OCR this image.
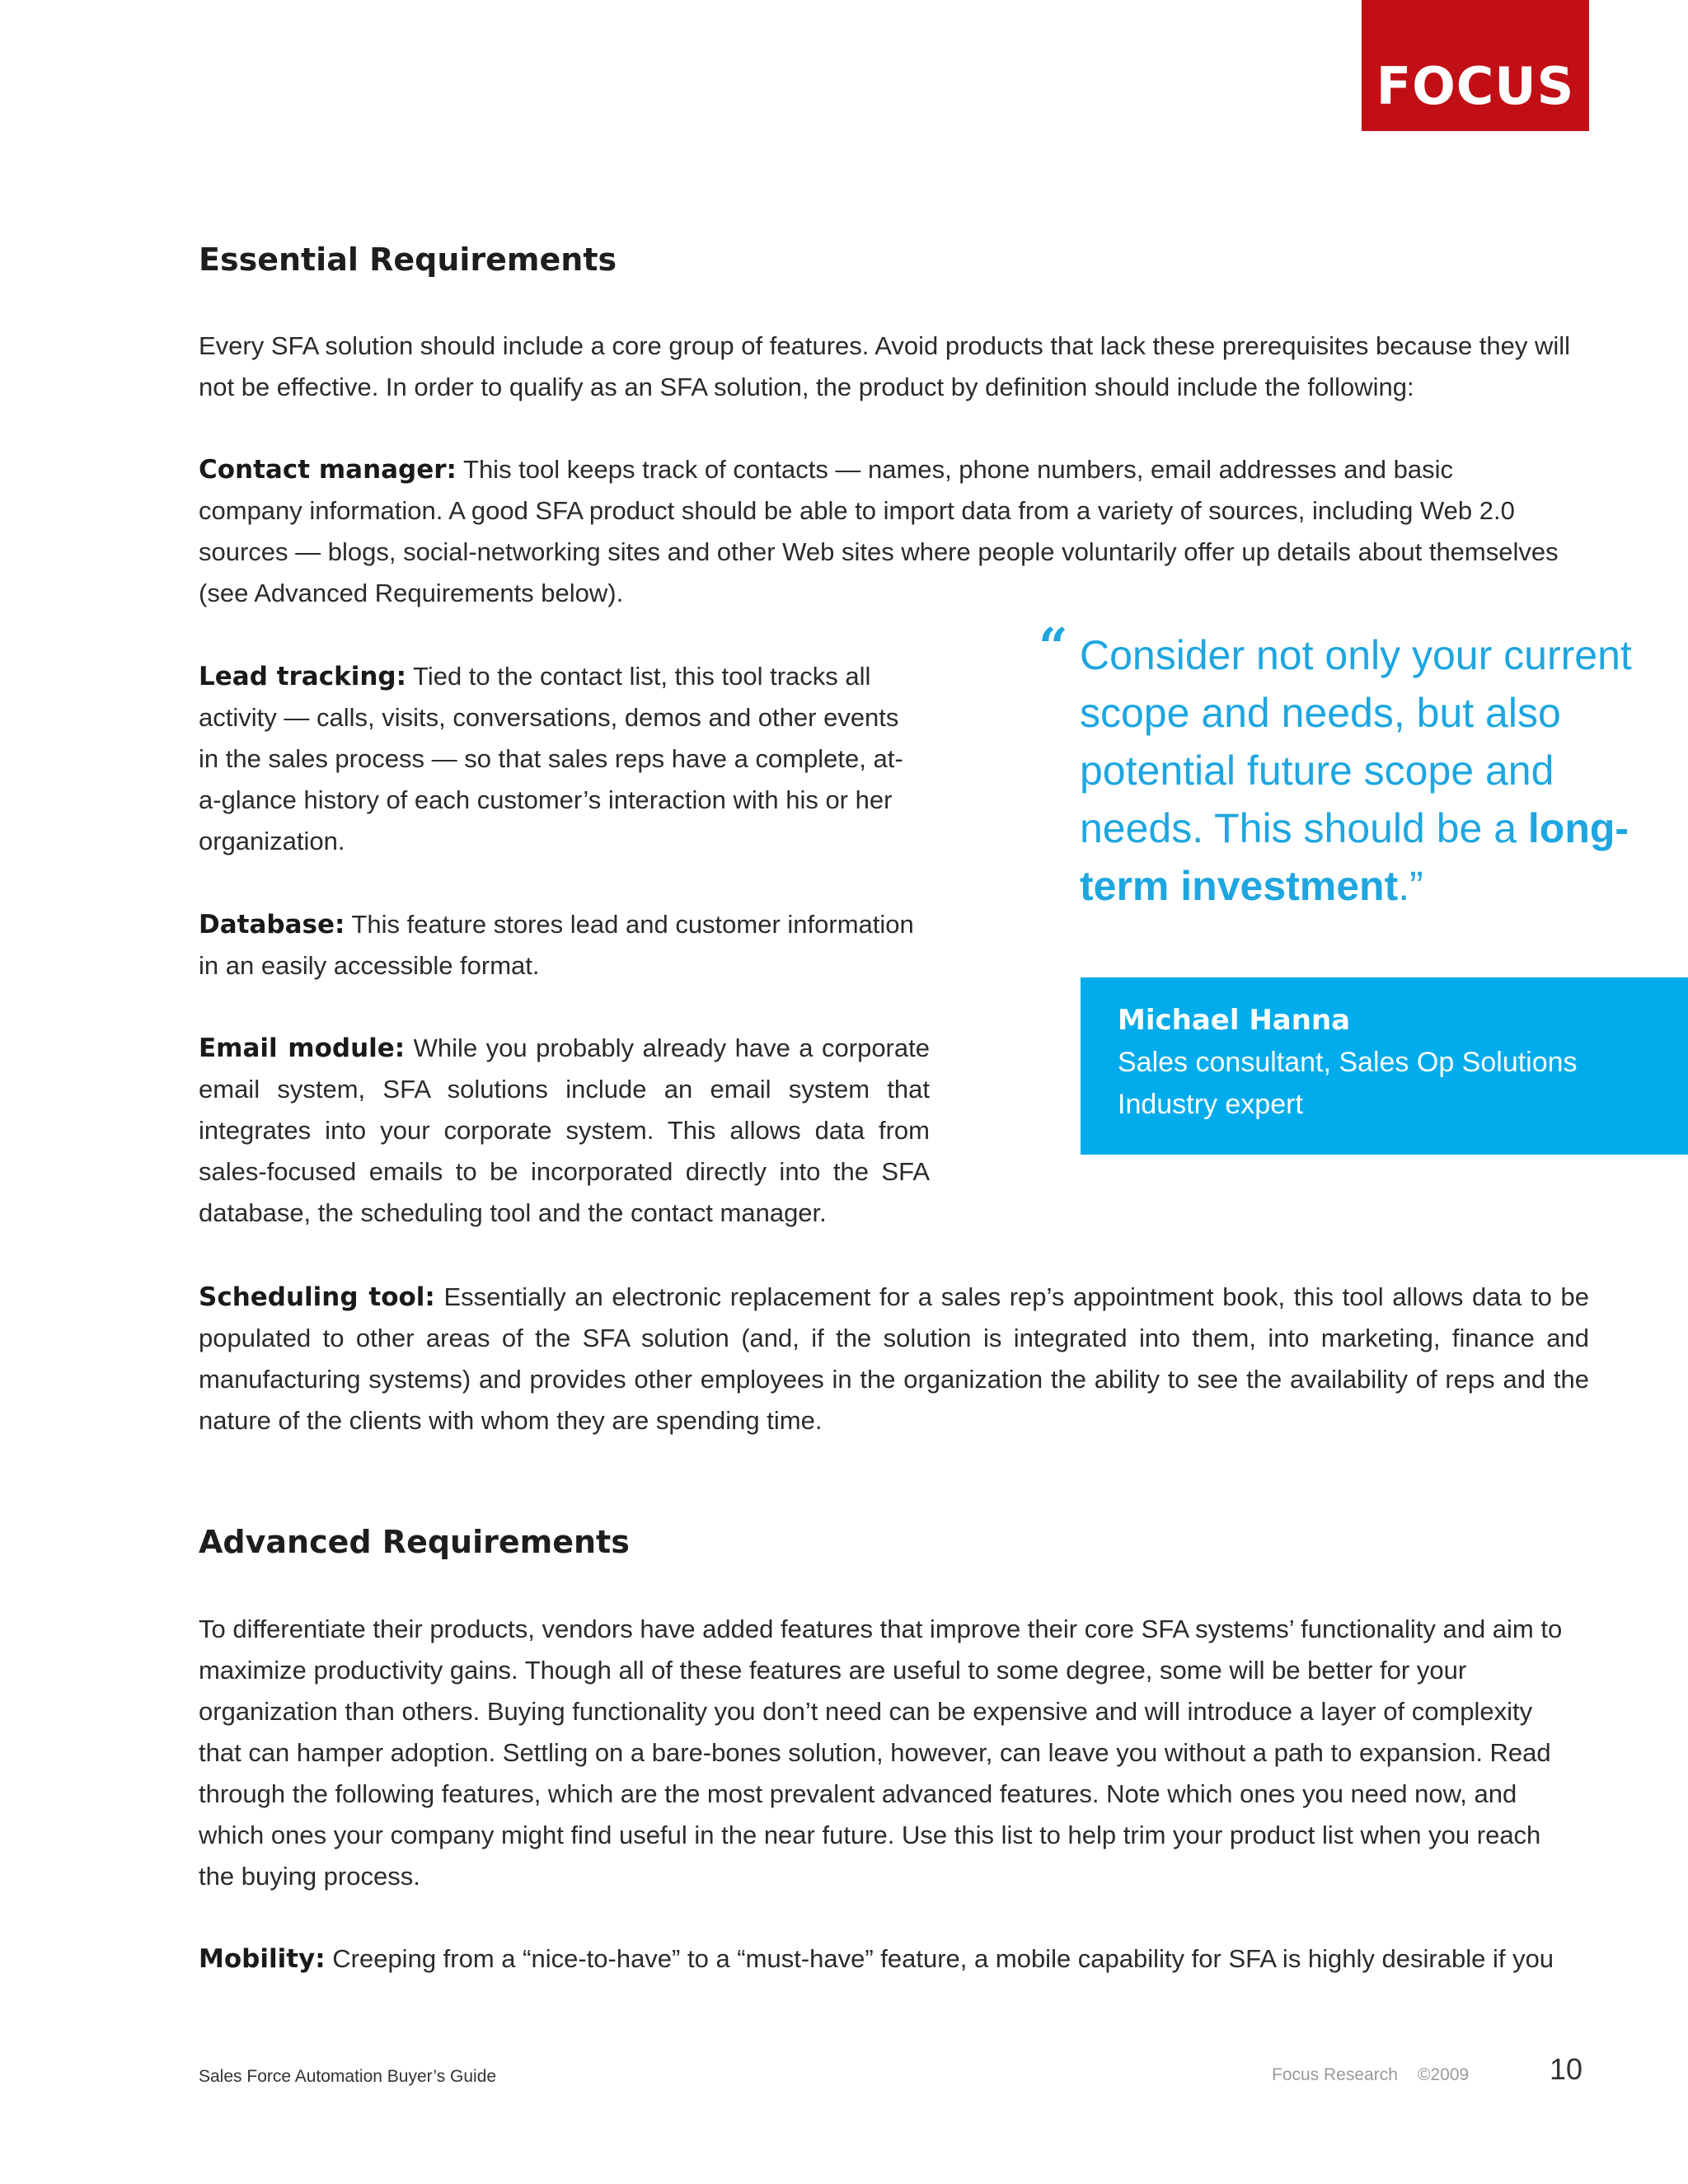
FOCUS
Essential Requirements

Every SFA solution should include a core group of features. Avoid products that lack these prerequisites because they will not be effective. In order to qualify as an SFA solution, the product by definition should include the following:

Contact manager: This tool keeps track of contacts — names, phone numbers, email addresses and basic company information. A good SFA product should be able to import data from a variety of sources, including Web 2.0 sources — blogs, social-networking sites and other Web sites where people voluntarily offer up details about themselves (see Advanced Requirements below).

Lead tracking: Tied to the contact list, this tool tracks all activity — calls, visits, conversations, demos and other events in the sales process — so that sales reps have a complete, at-a-glance history of each customer’s interaction with his or her organization.

Database: This feature stores lead and customer information in an easily accessible format.

Email module: While you probably already have a corporate email system, SFA solutions include an email system that integrates into your corporate system. This allows data from sales-focused emails to be incorporated directly into the SFA database, the scheduling tool and the contact manager.

“ Consider not only your current scope and needs, but also potential future scope and needs. This should be a long-term investment.”
Michael Hanna
Sales consultant, Sales Op Solutions
Industry expert

Scheduling tool: Essentially an electronic replacement for a sales rep’s appointment book, this tool allows data to be populated to other areas of the SFA solution (and, if the solution is integrated into them, into marketing, finance and manufacturing systems) and provides other employees in the organization the ability to see the availability of reps and the nature of the clients with whom they are spending time.

Advanced Requirements

To differentiate their products, vendors have added features that improve their core SFA systems’ functionality and aim to maximize productivity gains. Though all of these features are useful to some degree, some will be better for your organization than others. Buying functionality you don’t need can be expensive and will introduce a layer of complexity that can hamper adoption. Settling on a bare-bones solution, however, can leave you without a path to expansion. Read through the following features, which are the most prevalent advanced features. Note which ones you need now, and which ones your company might find useful in the near future. Use this list to help trim your product list when you reach the buying process.

Mobility: Creeping from a “nice-to-have” to a “must-have” feature, a mobile capability for SFA is highly desirable if you

Sales Force Automation Buyer’s Guide	Focus Research ©2009	10
